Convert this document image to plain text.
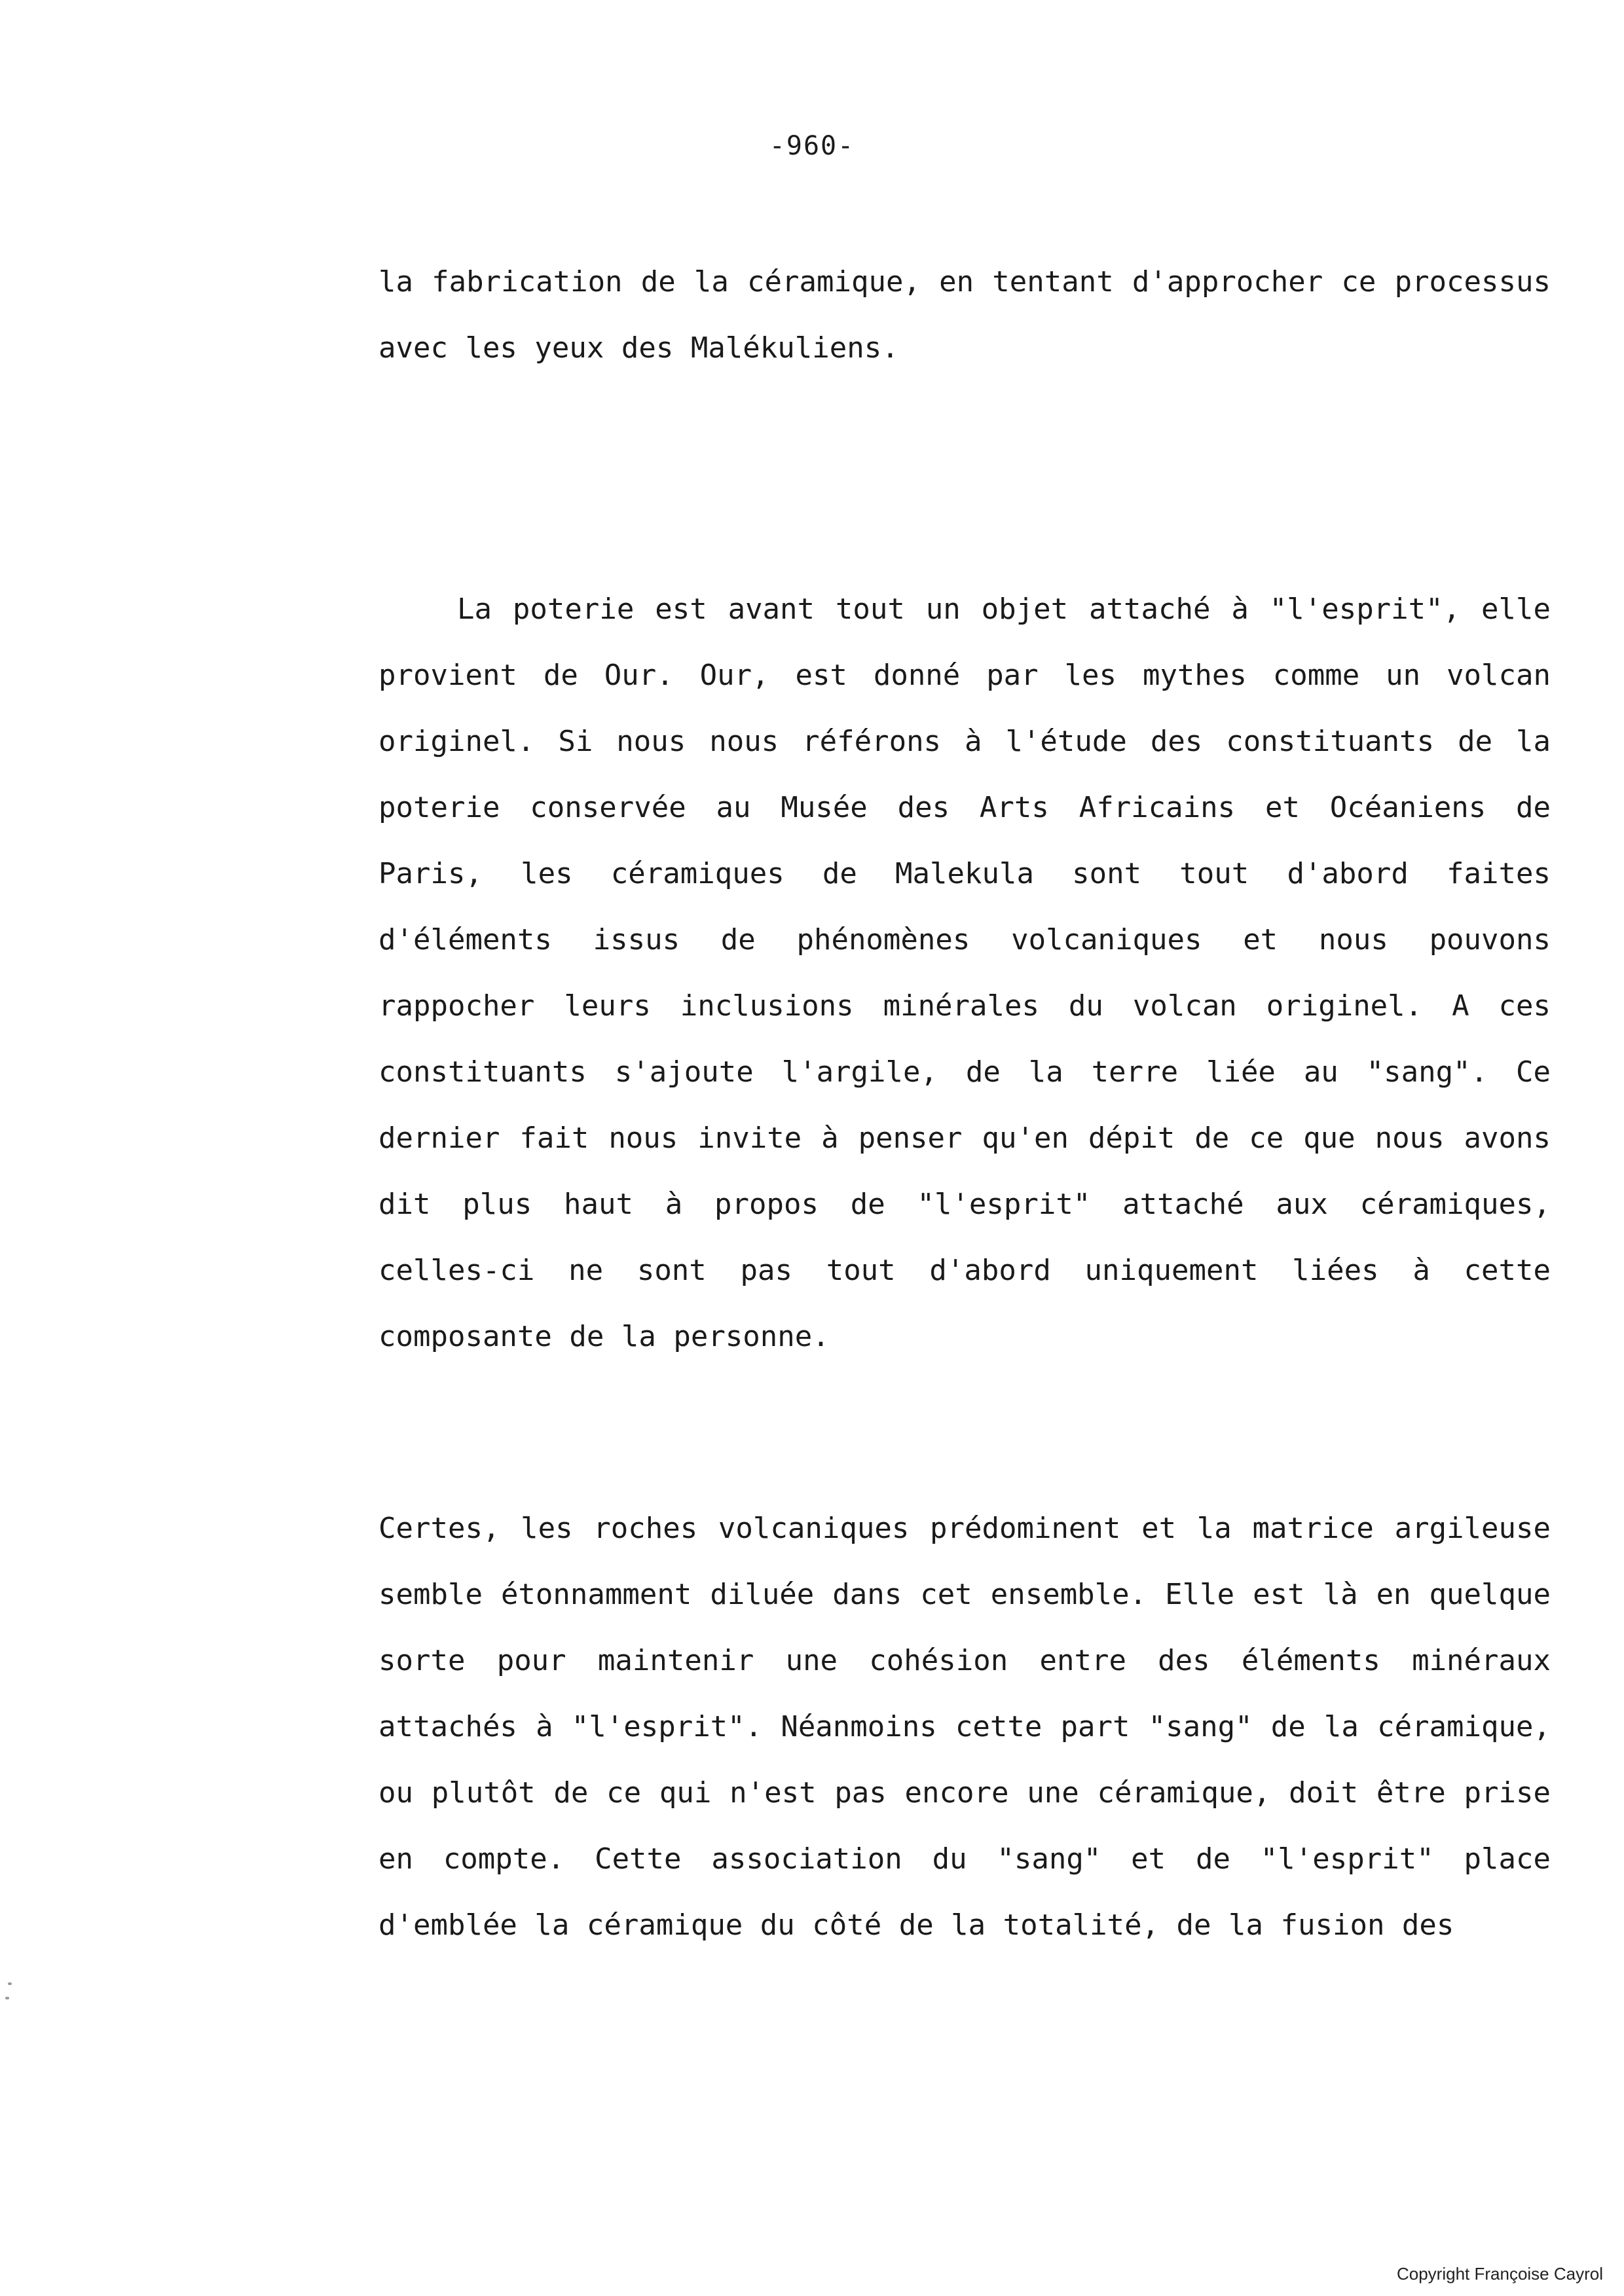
-960-

la fabrication de la céramique, en tentant d'approcher ce processus avec les yeux des Malékuliens.

La poterie est avant tout un objet attaché à "l'esprit", elle provient de Our. Our, est donné par les mythes comme un volcan originel. Si nous nous référons à l'étude des constituants de la poterie conservée au Musée des Arts Africains et Océaniens de Paris, les céramiques de Malekula sont tout d'abord faites d'éléments issus de phénomènes volcaniques et nous pouvons rappocher leurs inclusions minérales du volcan originel. A ces constituants s'ajoute l'argile, de la terre liée au "sang". Ce dernier fait nous invite à penser qu'en dépit de ce que nous avons dit plus haut à propos de "l'esprit" attaché aux céramiques, celles-ci ne sont pas tout d'abord uniquement liées à cette composante de la personne.

Certes, les roches volcaniques prédominent et la matrice argileuse semble étonnamment diluée dans cet ensemble. Elle est là en quelque sorte pour maintenir une cohésion entre des éléments minéraux attachés à "l'esprit". Néanmoins cette part "sang" de la céramique, ou plutôt de ce qui n'est pas encore une céramique, doit être prise en compte. Cette association du "sang" et de "l'esprit" place d'emblée la céramique du côté de la totalité, de la fusion des

Copyright Françoise Cayrol
